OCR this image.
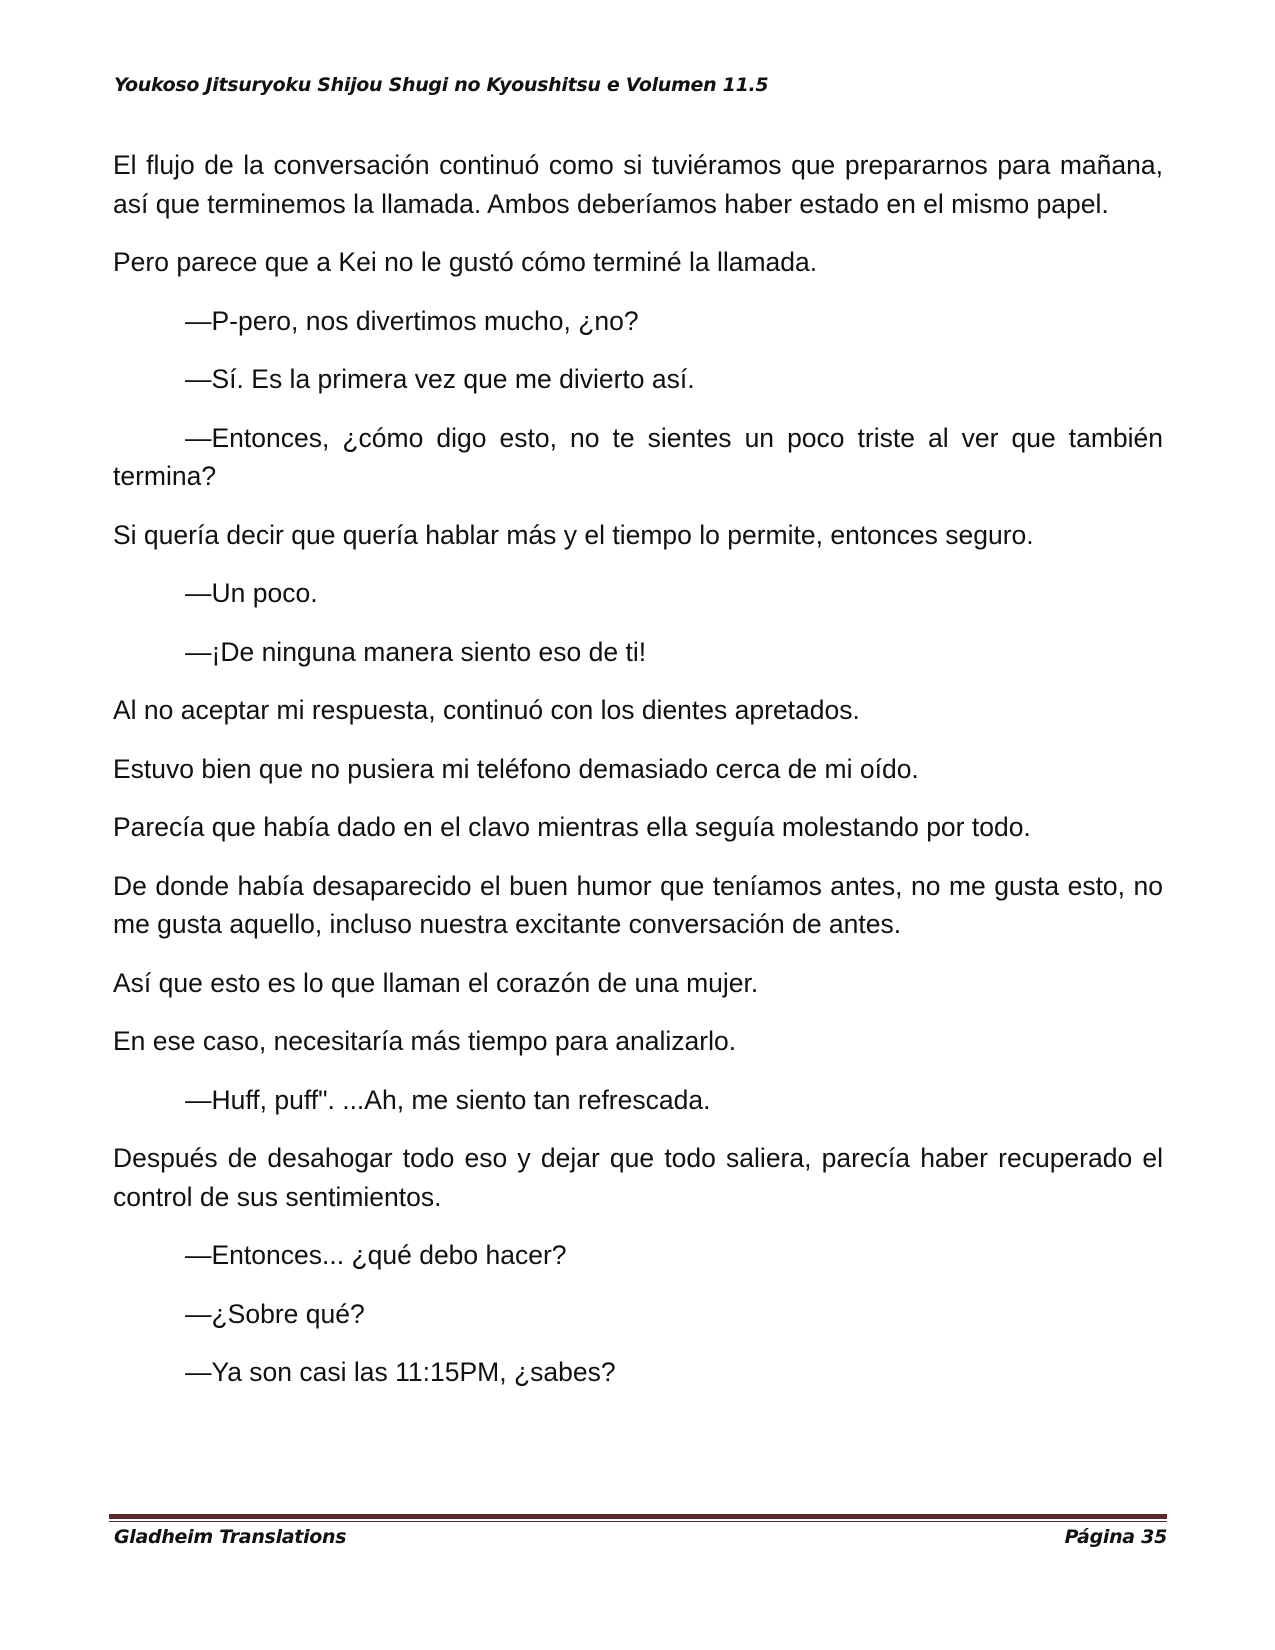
Youkoso Jitsuryoku Shijou Shugi no Kyoushitsu e Volumen 11.5

El flujo de la conversación continuó como si tuviéramos que prepararnos para mañana, así que terminemos la llamada. Ambos deberíamos haber estado en el mismo papel.

Pero parece que a Kei no le gustó cómo terminé la llamada.

—P-pero, nos divertimos mucho, ¿no?

—Sí. Es la primera vez que me divierto así.

—Entonces, ¿cómo digo esto, no te sientes un poco triste al ver que también termina?

Si quería decir que quería hablar más y el tiempo lo permite, entonces seguro.

—Un poco.

—¡De ninguna manera siento eso de ti!

Al no aceptar mi respuesta, continuó con los dientes apretados.

Estuvo bien que no pusiera mi teléfono demasiado cerca de mi oído.

Parecía que había dado en el clavo mientras ella seguía molestando por todo.

De donde había desaparecido el buen humor que teníamos antes, no me gusta esto, no me gusta aquello, incluso nuestra excitante conversación de antes.

Así que esto es lo que llaman el corazón de una mujer.

En ese caso, necesitaría más tiempo para analizarlo.

—Huff, puff". ...Ah, me siento tan refrescada.

Después de desahogar todo eso y dejar que todo saliera, parecía haber recuperado el control de sus sentimientos.

—Entonces... ¿qué debo hacer?

—¿Sobre qué?

—Ya son casi las 11:15PM, ¿sabes?

Gladheim Translations	Página 35
